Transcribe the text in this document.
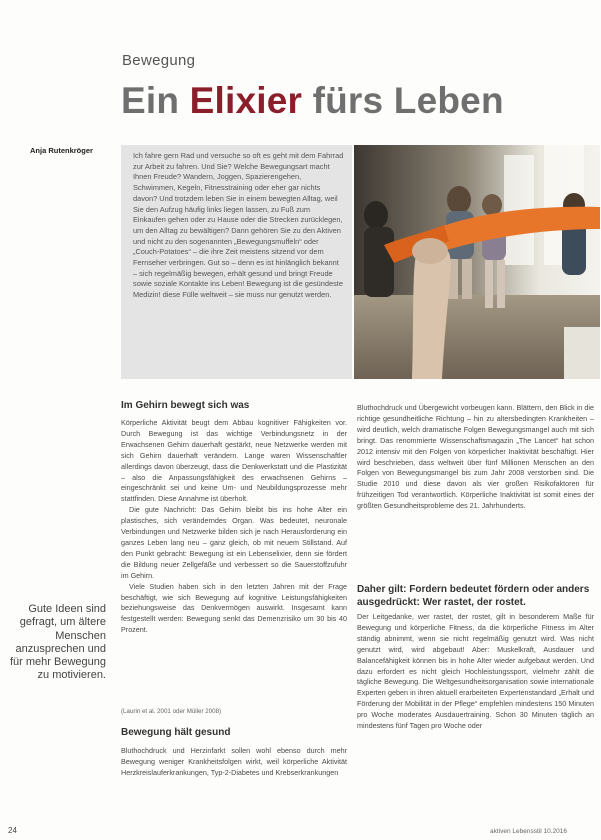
Bewegung
Ein Elixier fürs Leben
Anja Rutenkröger

Ich fahre gern Rad und versuche so oft es geht mit dem Fahrrad zur Arbeit zu fahren. Und Sie? Welche Bewegungsart macht Ihnen Freude? Wandern, Joggen, Spazierengehen, Schwimmen, Kegeln, Fitnesstraining oder eher gar nichts davon? Und trotzdem leben Sie in einem bewegten Alltag, weil Sie den Aufzug häufig links liegen lassen, zu Fuß zum Einkaufen gehen oder zu Hause oder die Strecken zurücklegen, um den Alltag zu bewältigen? Dann gehören Sie zu den Aktiven und nicht zu den sogenannten „Bewegungsmuffeln“ oder „Couch-Potatoes“ – die ihre Zeit meistens sitzend vor dem Fernseher verbringen. Gut so – denn es ist hinlänglich bekannt – sich regelmäßig bewegen, erhält gesund und bringt Freude sowie soziale Kontakte ins Leben! Bewegung ist die gesündeste Medizin! diese Fülle weltweit – sie muss nur genutzt werden.

Im Gehirn bewegt sich was

Körperliche Aktivität beugt dem Abbau kognitiver Fähigkeiten vor. Durch Bewegung ist das wichtige Verbindungsnetz in der Erwachsenen Gehirn dauerhaft gestärkt, neue Netzwerke werden mit sich Gehirn dauerhaft verändern. Lange waren Wissenschaftler allerdings davon überzeugt, dass die Denkwerkstatt und die Plastizität – also die Anpassungsfähigkeit des erwachsenen Gehirns – eingeschränkt sei und keine Um- und Neubildungsprozesse mehr stattfinden. Diese Annahme ist überholt.

Die gute Nachricht: Das Gehirn bleibt bis ins hohe Alter ein plastisches, sich veränderndes Organ. Was bedeutet, neuronale Verbindungen und Netzwerke bilden sich je nach Herausforderung ein ganzes Leben lang neu – ganz gleich, ob mit neuem Stillstand. Auf den Punkt gebracht: Bewegung ist ein Lebenselixier, denn sie fördert die Bildung neuer Zellgefäße und verbessert so die Sauerstoffzufuhr im Gehirn.

Viele Studien haben sich in den letzten Jahren mit der Frage beschäftigt, wie sich Bewegung auf kognitive Leistungsfähigkeiten beziehungsweise das Denkvermögen auswirkt. Insgesamt kann festgestellt werden: Bewegung senkt das Demenzrisiko um 30 bis 40 Prozent.

(Laurin et al. 2001 oder Müller 2008)
Bewegung hält gesund

Bluthochdruck und Herzinfarkt sollen wohl ebenso durch mehr Bewegung weniger Krankheitsfolgen wirkt, weil körperliche Aktivität Herzkreislauferkrankungen, Typ-2-Diabetes und Krebserkrankungen

Bluthochdruck und Übergewicht vorbeugen kann. Blättern, den Blick in die richtige gesundheitliche Richtung – hin zu altersbedingten Krankheiten – wird deutlich, welch dramatische Folgen Bewegungsmangel auch mit sich bringt. Das renommierte Wissenschaftsmagazin „The Lancet“ hat schon 2012 intensiv mit den Folgen von körperlicher Inaktivität beschäftigt. Hier wird beschrieben, dass weltweit über fünf Millionen Menschen an den Folgen von Bewegungsmangel bis zum Jahr 2008 verstorben sind. Die Studie 2010 und diese davon als vier großen Risikofaktoren für frühzeitigen Tod verantwortlich. Körperliche Inaktivität ist somit eines der größten Gesundheitsprobleme des 21. Jahrhunderts.

Daher gilt: Fordern bedeutet fördern oder anders ausgedrückt: Wer rastet, der rostet.

Der Leitgedanke, wer rastet, der rostet, gilt in besonderem Maße für Bewegung und körperliche Fitness, da die körperliche Fitness im Alter ständig abnimmt, wenn sie nicht regelmäßig genutzt wird. Was nicht genutzt wird, wird abgebaut! Aber: Muskelkraft, Ausdauer und Balancefähigkeit können bis in hohe Alter wieder aufgebaut werden. Und dazu erfordert es nicht gleich Hochleistungssport, vielmehr zählt die tägliche Bewegung. Die Weltgesundheitsorganisation sowie internationale Experten geben in ihren aktuell erarbeiteten Expertenstandard „Erhalt und Förderung der Mobilität in der Pflege“ empfehlen mindestens 150 Minuten pro Woche moderates Ausdauertraining. Schon 30 Minuten täglich an mindestens fünf Tagen pro Woche oder

Gute Ideen sind gefragt, um ältere Menschen anzusprechen und für mehr Bewegung zu motivieren.
24	aktiven Lebensstil 10.2016
